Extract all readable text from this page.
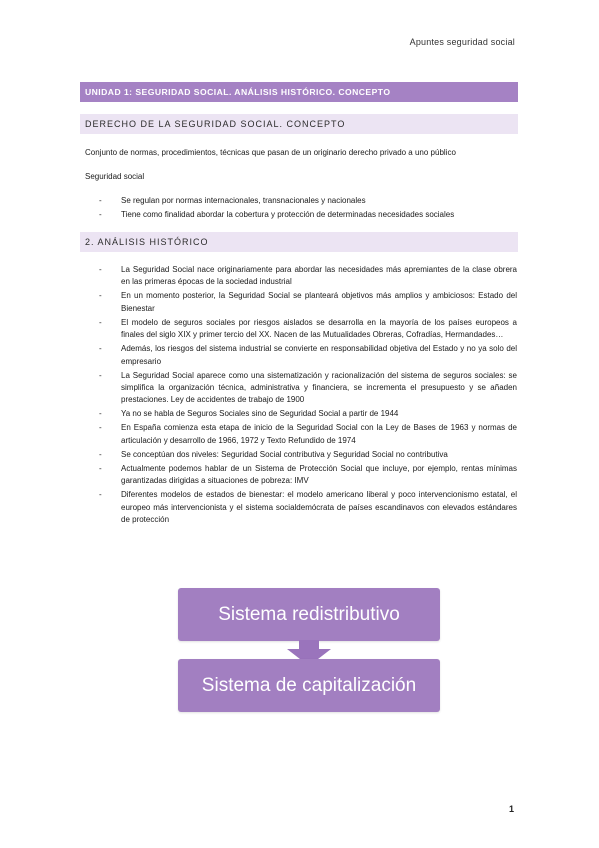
Apuntes seguridad social
UNIDAD 1: SEGURIDAD SOCIAL. ANÁLISIS HISTÓRICO. CONCEPTO
DERECHO DE LA SEGURIDAD SOCIAL. CONCEPTO
Conjunto de normas, procedimientos, técnicas que pasan de un originario derecho privado a uno público
Seguridad social
- Se regulan por normas internacionales, transnacionales y nacionales
- Tiene como finalidad abordar la cobertura y protección de determinadas necesidades sociales
2. ANÁLISIS HISTÓRICO
- La Seguridad Social nace originariamente para abordar las necesidades más apremiantes de la clase obrera en las primeras épocas de la sociedad industrial
- En un momento posterior, la Seguridad Social se planteará objetivos más amplios y ambiciosos: Estado del Bienestar
- El modelo de seguros sociales por riesgos aislados se desarrolla en la mayoría de los países europeos a finales del siglo XIX y primer tercio del XX. Nacen de las Mutualidades Obreras, Cofradías, Hermandades…
- Además, los riesgos del sistema industrial se convierte en responsabilidad objetiva del Estado y no ya solo del empresario
- La Seguridad Social aparece como una sistematización y racionalización del sistema de seguros sociales: se simplifica la organización técnica, administrativa y financiera, se incrementa el presupuesto y se añaden prestaciones. Ley de accidentes de trabajo de 1900
- Ya no se habla de Seguros Sociales sino de Seguridad Social a partir de 1944
- En España comienza esta etapa de inicio de la Seguridad Social con la Ley de Bases de 1963 y normas de articulación y desarrollo de 1966, 1972 y Texto Refundido de 1974
- Se conceptúan dos niveles: Seguridad Social contributiva y Seguridad Social no contributiva
- Actualmente podemos hablar de un Sistema de Protección Social que incluye, por ejemplo, rentas mínimas garantizadas dirigidas a situaciones de pobreza: IMV
- Diferentes modelos de estados de bienestar: el modelo americano liberal y poco intervencionismo estatal, el europeo más intervencionista y el sistema socialdemócrata de países escandinavos con elevados estándares de protección
Sistema redistributivo
Sistema de capitalización
1
